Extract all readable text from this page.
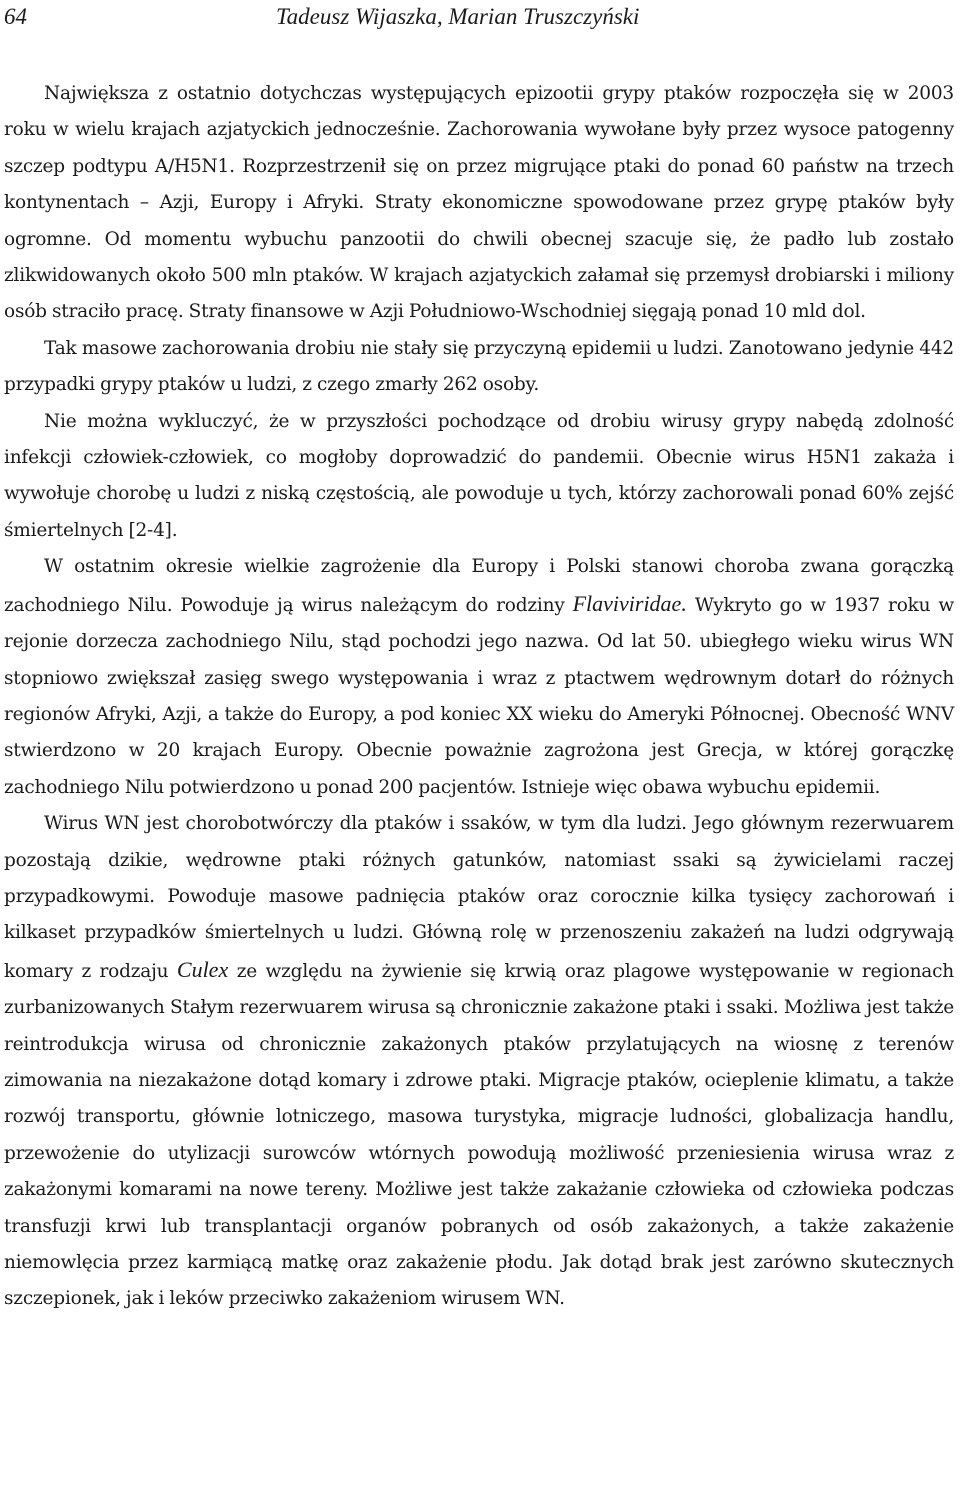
64	Tadeusz Wijaszka, Marian Truszczyński

Największa z ostatnio dotychczas występujących epizootii grypy ptaków rozpoczęła się w 2003 roku w wielu krajach azjatyckich jednocześnie. Zachorowania wywołane były przez wysoce patogenny szczep podtypu A/H5N1. Rozprzestrzenił się on przez migrujące ptaki do ponad 60 państw na trzech kontynentach – Azji, Europy i Afryki. Straty ekonomiczne spowodowane przez grypę ptaków były ogromne. Od momentu wybuchu panzootii do chwili obecnej szacuje się, że padło lub zostało zlikwidowanych około 500 mln ptaków. W krajach azjatyckich załamał się przemysł drobiarski i miliony osób straciło pracę. Straty finansowe w Azji Południowo-Wschodniej sięgają ponad 10 mld dol.

Tak masowe zachorowania drobiu nie stały się przyczyną epidemii u ludzi. Zanotowano jedynie 442 przypadki grypy ptaków u ludzi, z czego zmarły 262 osoby.

Nie można wykluczyć, że w przyszłości pochodzące od drobiu wirusy grypy nabędą zdolność infekcji człowiek-człowiek, co mogłoby doprowadzić do pandemii. Obecnie wirus H5N1 zakaża i wywołuje chorobę u ludzi z niską częstością, ale powoduje u tych, którzy zachorowali ponad 60% zejść śmiertelnych [2-4].

W ostatnim okresie wielkie zagrożenie dla Europy i Polski stanowi choroba zwana gorączką zachodniego Nilu. Powoduje ją wirus należącym do rodziny Flaviviridae. Wykryto go w 1937 roku w rejonie dorzecza zachodniego Nilu, stąd pochodzi jego nazwa. Od lat 50. ubiegłego wieku wirus WN stopniowo zwiększał zasięg swego występowania i wraz z ptactwem wędrownym dotarł do różnych regionów Afryki, Azji, a także do Europy, a pod koniec XX wieku do Ameryki Północnej. Obecność WNV stwierdzono w 20 krajach Europy. Obecnie poważnie zagrożona jest Grecja, w której gorączkę zachodniego Nilu potwierdzono u ponad 200 pacjentów. Istnieje więc obawa wybuchu epidemii.

Wirus WN jest chorobotwórczy dla ptaków i ssaków, w tym dla ludzi. Jego głównym rezerwuarem pozostają dzikie, wędrowne ptaki różnych gatunków, natomiast ssaki są żywicielami raczej przypadkowymi. Powoduje masowe padnięcia ptaków oraz corocznie kilka tysięcy zachorowań i kilkaset przypadków śmiertelnych u ludzi. Główną rolę w przenoszeniu zakażeń na ludzi odgrywają komary z rodzaju Culex ze względu na żywienie się krwią oraz plagowe występowanie w regionach zurbanizowanych Stałym rezerwuarem wirusa są chronicznie zakażone ptaki i ssaki. Możliwa jest także reintrodukcja wirusa od chronicznie zakażonych ptaków przylatujących na wiosnę z terenów zimowania na niezakażone dotąd komary i zdrowe ptaki. Migracje ptaków, ocieplenie klimatu, a także rozwój transportu, głównie lotniczego, masowa turystyka, migracje ludności, globalizacja handlu, przewożenie do utylizacji surowców wtórnych powodują możliwość przeniesienia wirusa wraz z zakażonymi komarami na nowe tereny. Możliwe jest także zakażanie człowieka od człowieka podczas transfuzji krwi lub transplantacji organów pobranych od osób zakażonych, a także zakażenie niemowlęcia przez karmiącą matkę oraz zakażenie płodu. Jak dotąd brak jest zarówno skutecznych szczepionek, jak i leków przeciwko zakażeniom wirusem WN.
